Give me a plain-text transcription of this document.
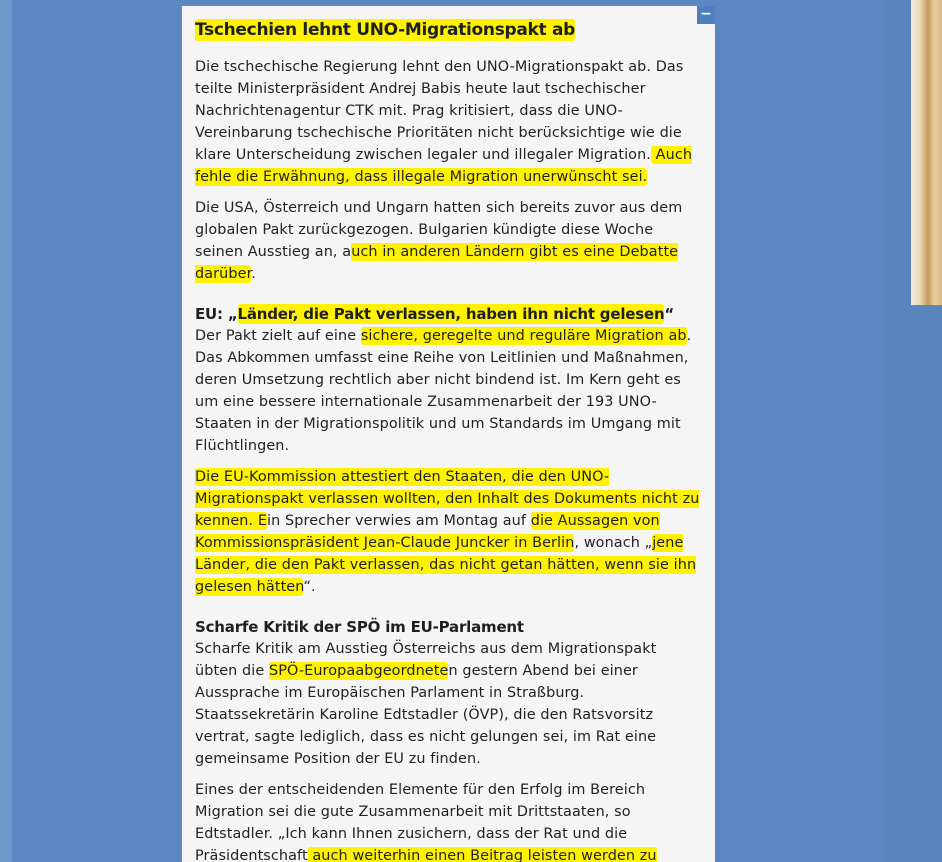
Tschechien lehnt UNO-Migrationspakt ab

Die tschechische Regierung lehnt den UNO-Migrationspakt ab. Das teilte Ministerpräsident Andrej Babis heute laut tschechischer Nachrichtenagentur CTK mit. Prag kritisiert, dass die UNO-Vereinbarung tschechische Prioritäten nicht berücksichtige wie die klare Unterscheidung zwischen legaler und illegaler Migration. Auch fehle die Erwähnung, dass illegale Migration unerwünscht sei.

Die USA, Österreich und Ungarn hatten sich bereits zuvor aus dem globalen Pakt zurückgezogen. Bulgarien kündigte diese Woche seinen Ausstieg an, auch in anderen Ländern gibt es eine Debatte darüber.

EU: „Länder, die Pakt verlassen, haben ihn nicht gelesen“

Der Pakt zielt auf eine sichere, geregelte und reguläre Migration ab. Das Abkommen umfasst eine Reihe von Leitlinien und Maßnahmen, deren Umsetzung rechtlich aber nicht bindend ist. Im Kern geht es um eine bessere internationale Zusammenarbeit der 193 UNO-Staaten in der Migrationspolitik und um Standards im Umgang mit Flüchtlingen.

Die EU-Kommission attestiert den Staaten, die den UNO-Migrationspakt verlassen wollten, den Inhalt des Dokuments nicht zu kennen. Ein Sprecher verwies am Montag auf die Aussagen von Kommissionspräsident Jean-Claude Juncker in Berlin, wonach „jene Länder, die den Pakt verlassen, das nicht getan hätten, wenn sie ihn gelesen hätten“.

Scharfe Kritik der SPÖ im EU-Parlament

Scharfe Kritik am Ausstieg Österreichs aus dem Migrationspakt übten die SPÖ-Europaabgeordneten gestern Abend bei einer Aussprache im Europäischen Parlament in Straßburg. Staatssekretärin Karoline Edtstadler (ÖVP), die den Ratsvorsitz vertrat, sagte lediglich, dass es nicht gelungen sei, im Rat eine gemeinsame Position der EU zu finden.

Eines der entscheidenden Elemente für den Erfolg im Bereich Migration sei die gute Zusammenarbeit mit Drittstaaten, so Edtstadler. „Ich kann Ihnen zusichern, dass der Rat und die Präsidentschaft auch weiterhin einen Beitrag leisten werden zu

−
